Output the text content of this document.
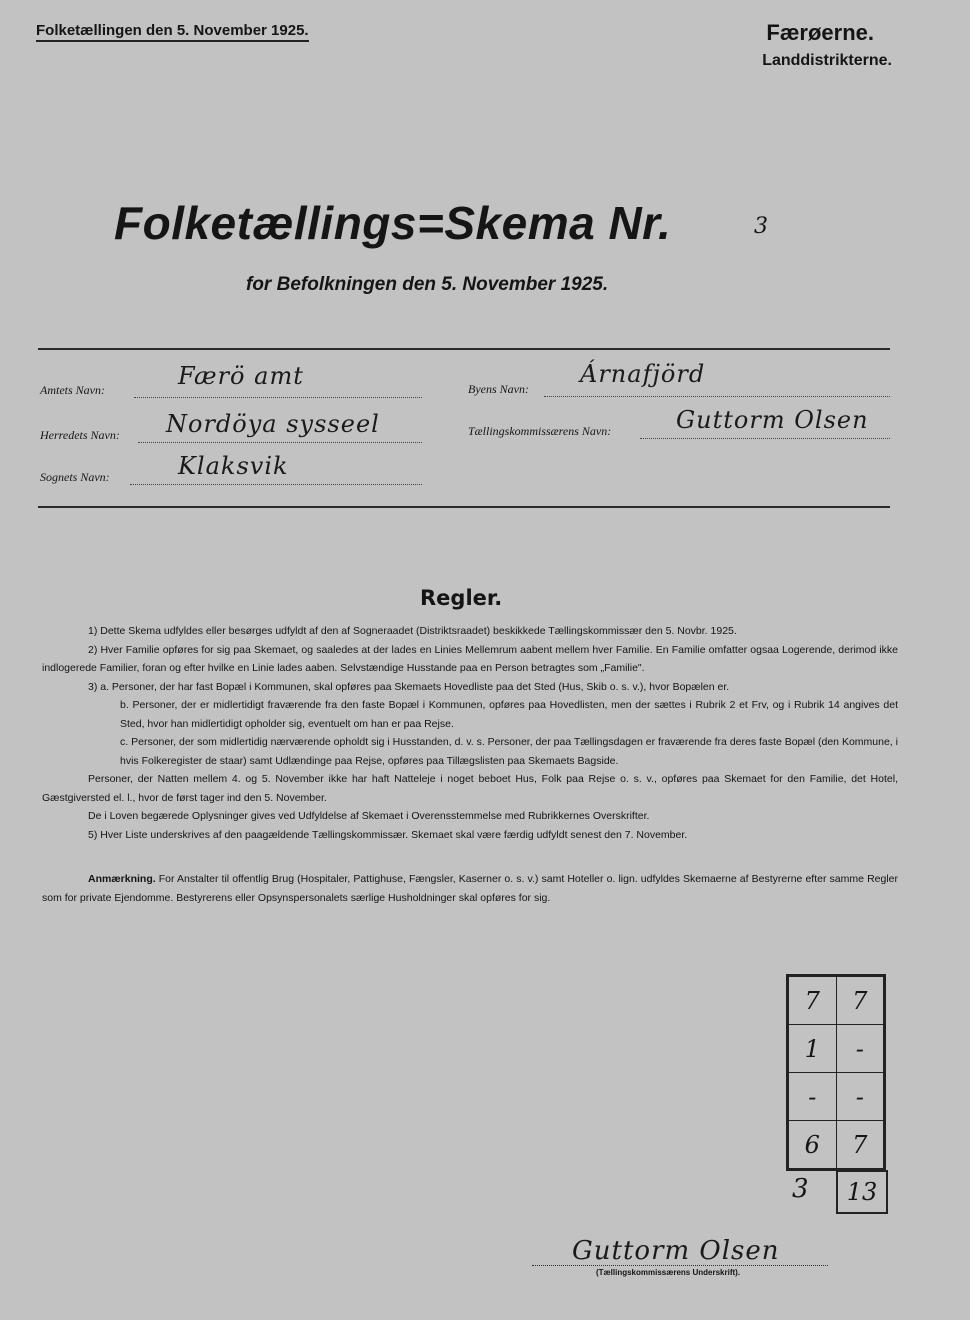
Folketællingen den 5. November 1925.	Færøerne.
Landdistrikterne.
Folketællings=Skema Nr.	3
for Befolkningen den 5. November 1925.
Amtets Navn:	Færö amt
Herredets Navn: Nordöya sysseel
Sognets Navn:	Klaksvik
Byens Navn:
Árnafjörd
Tællingskommissærens Navn:	Guttorm Olsen
Regler.

1) Dette Skema udfyldes eller besørges udfyldt af den af Sogneraadet (Distriktsraadet) beskikkede Tællingskommissær den 5. Novbr. 1925.

2) Hver Familie opføres for sig paa Skemaet, og saaledes at der lades en Linies Mellemrum aabent mellem hver Familie. En Familie omfatter ogsaa Logerende, derimod ikke indlogerede Familier, foran og efter hvilke en Linie lades aaben. Selvstændige Husstande paa en Person betragtes som „Familie".

3) a. Personer, der har fast Bopæl i Kommunen, skal opføres paa Skemaets Hovedliste paa det Sted (Hus, Skib o. s. v.), hvor Bopælen er.

b. Personer, der er midlertidigt fraværende fra den faste Bopæl i Kommunen, opføres paa Hovedlisten, men der sættes i Rubrik 2 et Frv, og i Rubrik 14 angives det Sted, hvor han midlertidigt opholder sig, eventuelt om han er paa Rejse.

c. Personer, der som midlertidig nærværende opholdt sig i Husstanden, d. v. s. Personer, der paa Tællingsdagen er fraværende fra deres faste Bopæl (den Kommune, i hvis Folkeregister de staar) samt Udlændinge paa Rejse, opføres paa Tillægslisten paa Skemaets Bagside.

Personer, der Natten mellem 4. og 5. November ikke har haft Natteleje i noget beboet Hus, Folk paa Rejse o. s. v., opføres paa Skemaet for den Familie, det Hotel, Gæstgiversted el. l., hvor de først tager ind den 5. November.

De i Loven begærede Oplysninger gives ved Udfyldelse af Skemaet i Overensstemmelse med Rubrikkernes Overskrifter.

5) Hver Liste underskrives af den paagældende Tællingskommissær. Skemaet skal være færdig udfyldt senest den 7. November.

Anmærkning. For Anstalter til offentlig Brug (Hospitaler, Pattighuse, Fængsler, Kaserner o. s. v.) samt Hoteller o. lign. udfyldes Skemaerne af Bestyrerne efter samme Regler som for private Ejendomme. Bestyrerens eller Opsynspersonalets særlige Husholdninger skal opføres for sig.
7	7
1	-
-	-
6	7
3	13
Guttorm Olsen
(Tællingskommissærens Underskrift).
